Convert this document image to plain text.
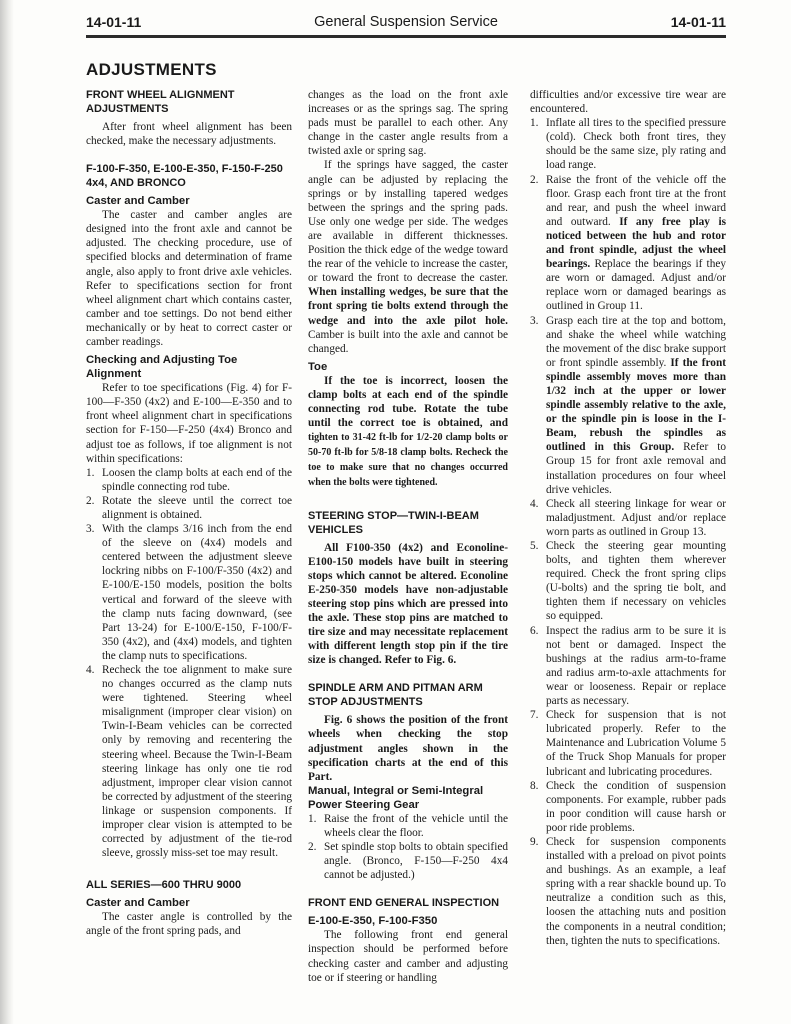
14-01-11	General Suspension Service	14-01-11
ADJUSTMENTS
FRONT WHEEL ALIGNMENT ADJUSTMENTS
After front wheel alignment has been checked, make the necessary adjustments.
F-100-F-350, E-100-E-350, F-150-F-250 4x4, AND BRONCO
Caster and Camber
The caster and camber angles are designed into the front axle and cannot be adjusted. The checking procedure, use of specified blocks and determination of frame angle, also apply to front drive axle vehicles. Refer to specifications section for front wheel alignment chart which contains caster, camber and toe settings. Do not bend either mechanically or by heat to correct caster or camber readings.
Checking and Adjusting Toe Alignment
Refer to toe specifications (Fig. 4) for F-100—F-350 (4x2) and E-100—E-350 and to front wheel alignment chart in specifications section for F-150—F-250 (4x4) Bronco and adjust toe as follows, if toe alignment is not within specifications:
1. Loosen the clamp bolts at each end of the spindle connecting rod tube.
2. Rotate the sleeve until the correct toe alignment is obtained.
3. With the clamps 3/16 inch from the end of the sleeve on (4x4) models and centered between the adjustment sleeve lockring nibbs on F-100/F-350 (4x2) and E-100/E-150 models, position the bolts vertical and forward of the sleeve with the clamp nuts facing downward, (see Part 13-24) for E-100/E-150, F-100/F-350 (4x2), and (4x4) models, and tighten the clamp nuts to specifications.
4. Recheck the toe alignment to make sure no changes occurred as the clamp nuts were tightened. Steering wheel misalignment (improper clear vision) on Twin-I-Beam vehicles can be corrected only by removing and recentering the steering wheel. Because the Twin-I-Beam steering linkage has only one tie rod adjustment, improper clear vision cannot be corrected by adjustment of the steering linkage or suspension components. If improper clear vision is attempted to be corrected by adjustment of the tie-rod sleeve, grossly miss-set toe may result.
ALL SERIES—600 THRU 9000
Caster and Camber
The caster angle is controlled by the angle of the front spring pads, and
changes as the load on the front axle increases or as the springs sag. The spring pads must be parallel to each other. Any change in the caster angle results from a twisted axle or spring sag.
If the springs have sagged, the caster angle can be adjusted by replacing the springs or by installing tapered wedges between the springs and the spring pads. Use only one wedge per side. The wedges are available in different thicknesses. Position the thick edge of the wedge toward the rear of the vehicle to increase the caster, or toward the front to decrease the caster. When installing wedges, be sure that the front spring tie bolts extend through the wedge and into the axle pilot hole. Camber is built into the axle and cannot be changed.
Toe
If the toe is incorrect, loosen the clamp bolts at each end of the spindle connecting rod tube. Rotate the tube until the correct toe is obtained, and tighten to 31-42 ft-lb for 1/2-20 clamp bolts or 50-70 ft-lb for 5/8-18 clamp bolts. Recheck the toe to make sure that no changes occurred when the bolts were tightened.
STEERING STOP—TWIN-I-BEAM VEHICLES
All F100-350 (4x2) and Econoline-E100-150 models have built in steering stops which cannot be altered. Econoline E-250-350 models have non-adjustable steering stop pins which are pressed into the axle. These stop pins are matched to tire size and may necessitate replacement with different length stop pin if the tire size is changed. Refer to Fig. 6.
SPINDLE ARM AND PITMAN ARM STOP ADJUSTMENTS
Fig. 6 shows the position of the front wheels when checking the stop adjustment angles shown in the specification charts at the end of this Part.
Manual, Integral or Semi-Integral Power Steering Gear
1. Raise the front of the vehicle until the wheels clear the floor.
2. Set spindle stop bolts to obtain specified angle. (Bronco, F-150—F-250 4x4 cannot be adjusted.)
FRONT END GENERAL INSPECTION
E-100-E-350, F-100-F350
The following front end general inspection should be performed before checking caster and camber and adjusting toe or if steering or handling
difficulties and/or excessive tire wear are encountered.
1. Inflate all tires to the specified pressure (cold). Check both front tires, they should be the same size, ply rating and load range.
2. Raise the front of the vehicle off the floor. Grasp each front tire at the front and rear, and push the wheel inward and outward. If any free play is noticed between the hub and rotor and front spindle, adjust the wheel bearings. Replace the bearings if they are worn or damaged. Adjust and/or replace worn or damaged bearings as outlined in Group 11.
3. Grasp each tire at the top and bottom, and shake the wheel while watching the movement of the disc brake support or front spindle assembly. If the front spindle assembly moves more than 1/32 inch at the upper or lower spindle assembly relative to the axle, or the spindle pin is loose in the I-Beam, rebush the spindles as outlined in this Group. Refer to Group 15 for front axle removal and installation procedures on four wheel drive vehicles.
4. Check all steering linkage for wear or maladjustment. Adjust and/or replace worn parts as outlined in Group 13.
5. Check the steering gear mounting bolts, and tighten them wherever required. Check the front spring clips (U-bolts) and the spring tie bolt, and tighten them if necessary on vehicles so equipped.
6. Inspect the radius arm to be sure it is not bent or damaged. Inspect the bushings at the radius arm-to-frame and radius arm-to-axle attachments for wear or looseness. Repair or replace parts as necessary.
7. Check for suspension that is not lubricated properly. Refer to the Maintenance and Lubrication Volume 5 of the Truck Shop Manuals for proper lubricant and lubricating procedures.
8. Check the condition of suspension components. For example, rubber pads in poor condition will cause harsh or poor ride problems.
9. Check for suspension components installed with a preload on pivot points and bushings. As an example, a leaf spring with a rear shackle bound up. To neutralize a condition such as this, loosen the attaching nuts and position the components in a neutral condition; then, tighten the nuts to specifications.
